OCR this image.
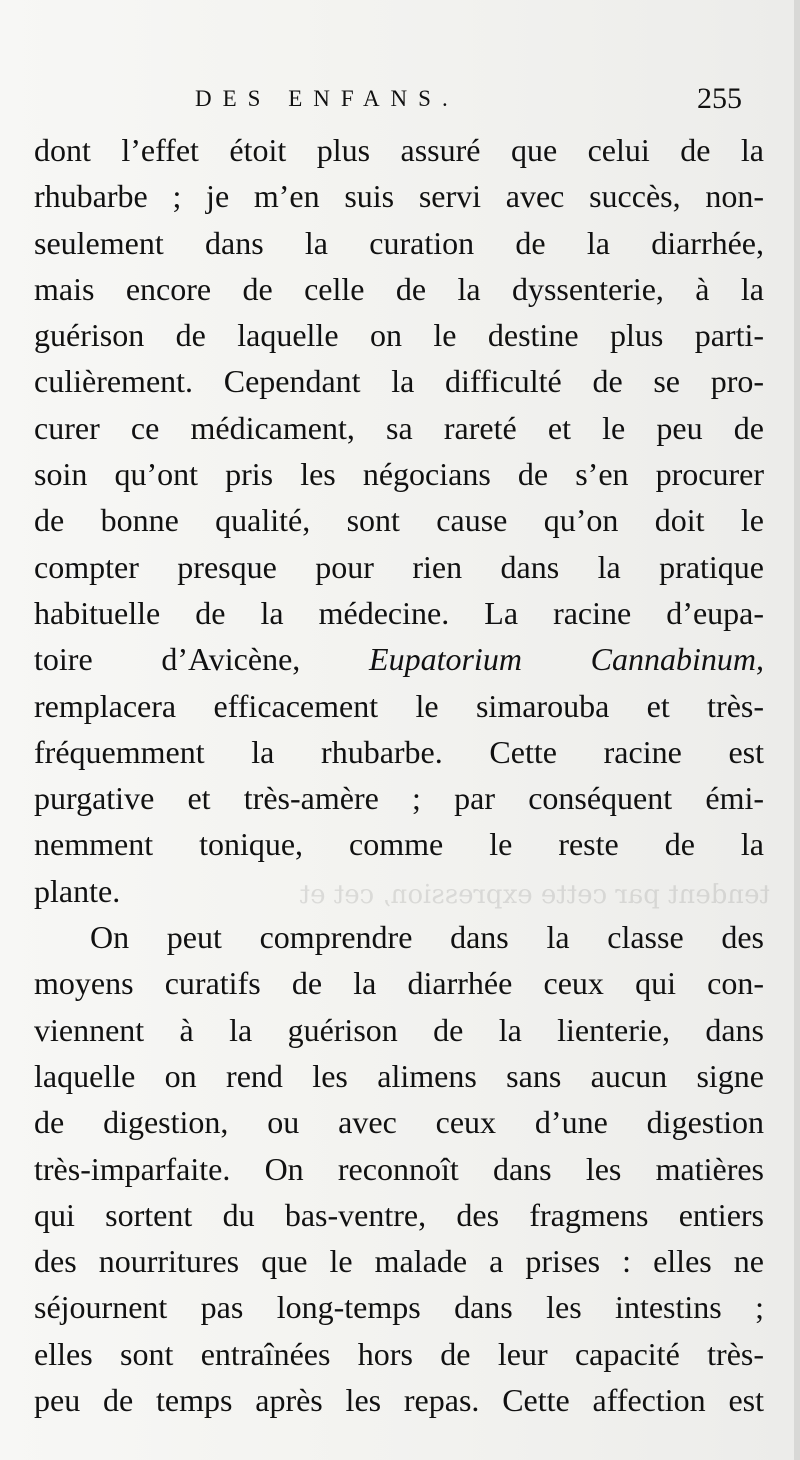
tendent par cette expression, cet et
DES ENFANS.	255
dont l’effet étoit plus assuré que celui de la
rhubarbe ; je m’en suis servi avec succès, non-
seulement dans la curation de la diarrhée,
mais encore de celle de la dyssenterie, à la
guérison de laquelle on le destine plus parti-
culièrement. Cependant la difficulté de se pro-
curer ce médicament, sa rareté et le peu de
soin qu’ont pris les négocians de s’en procurer
de bonne qualité, sont cause qu’on doit le
compter presque pour rien dans la pratique
habituelle de la médecine. La racine d’eupa-
toire d’Avicène, Eupatorium Cannabinum,
remplacera efficacement le simarouba et très-
fréquemment la rhubarbe. Cette racine est
purgative et très-amère ; par conséquent émi-
nemment tonique, comme le reste de la
plante.
On peut comprendre dans la classe des
moyens curatifs de la diarrhée ceux qui con-
viennent à la guérison de la lienterie, dans
laquelle on rend les alimens sans aucun signe
de digestion, ou avec ceux d’une digestion
très-imparfaite. On reconnoît dans les matières
qui sortent du bas-ventre, des fragmens entiers
des nourritures que le malade a prises : elles ne
séjournent pas long-temps dans les intestins ;
elles sont entraînées hors de leur capacité très-
peu de temps après les repas. Cette affection est
